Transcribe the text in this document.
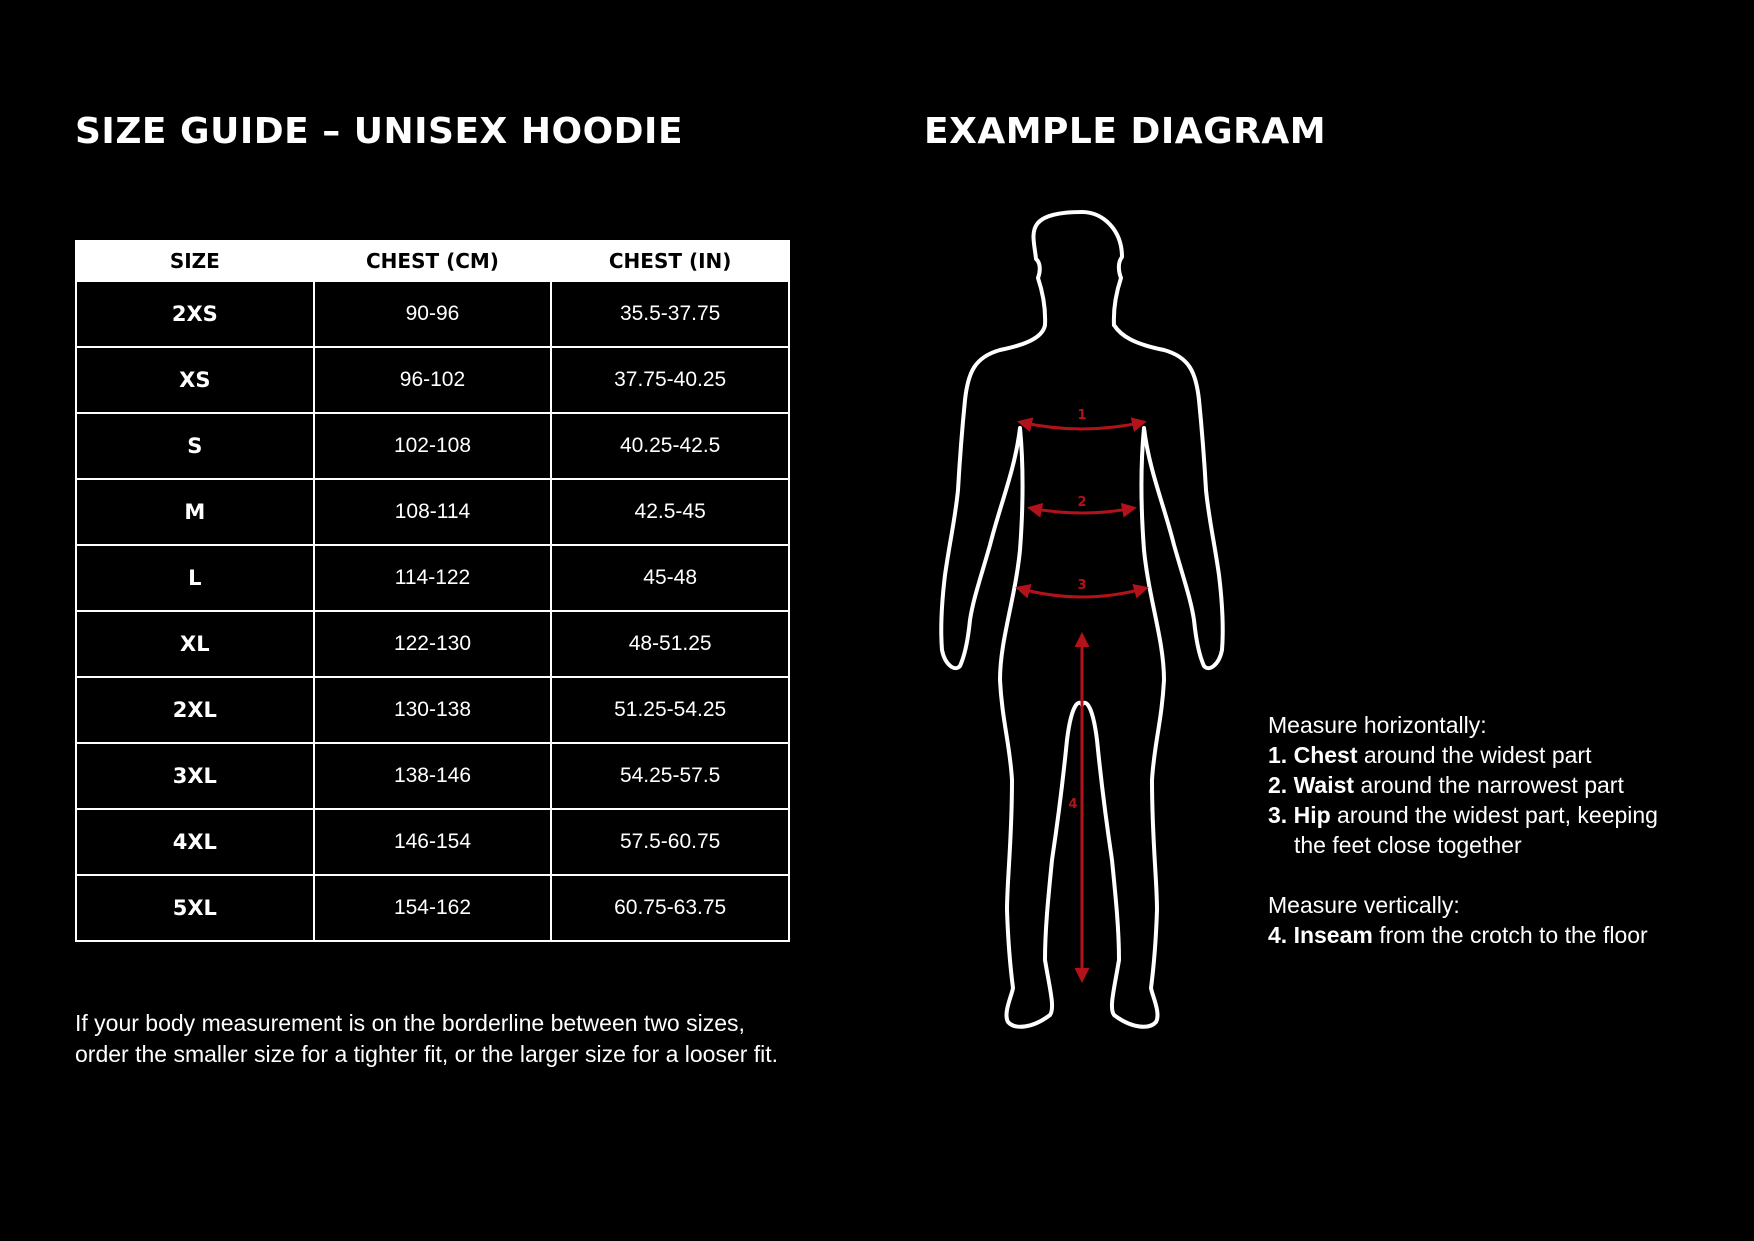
SIZE GUIDE – UNISEX HOODIE	EXAMPLE DIAGRAM
SIZE	CHEST (CM)	CHEST (IN)
2XS	90-96	35.5-37.75
XS	96-102	37.75-40.25
S	102-108	40.25-42.5
M	108-114	42.5-45
L	114-122	45-48
XL	122-130	48-51.25
2XL	130-138	51.25-54.25
3XL	138-146	54.25-57.5
4XL	146-154	57.5-60.75
5XL	154-162	60.75-63.75

If your body measurement is on the borderline between two sizes,
order the smaller size for a tighter fit, or the larger size for a looser fit.

1
2
3
4

Measure horizontally:

1. Chest around the widest part

2. Waist around the narrowest part

3. Hip around the widest part, keeping

the feet close together

Measure vertically:

4. Inseam from the crotch to the floor
